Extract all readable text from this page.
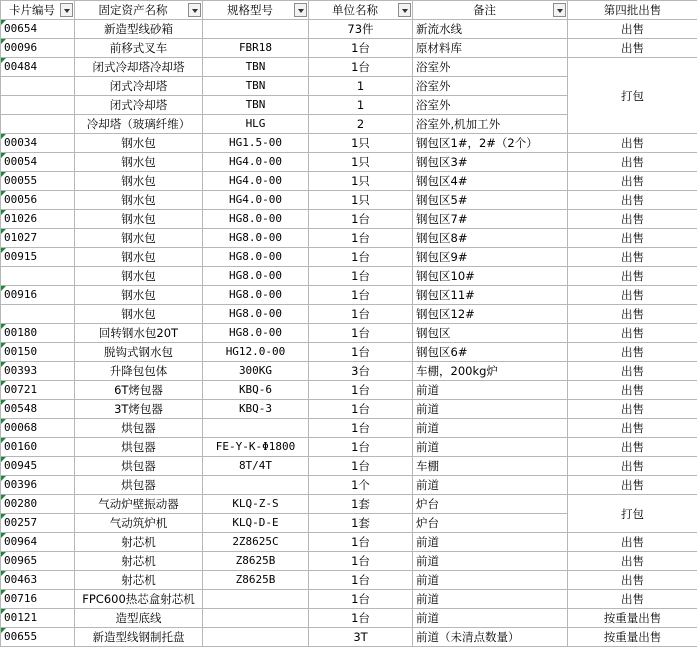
卡片编号	固定资产名称	规格型号	单位名称	备注	第四批出售
00654	新造型线砂箱		73件	新流水线	出售
00096	前移式叉车	FBR18	1台	原材料库	出售
00484	闭式冷却塔冷却塔	TBN	1台	浴室外	打包
	闭式冷却塔	TBN	1	浴室外	
	闭式冷却塔	TBN	1	浴室外	
	冷却塔（玻璃纤维）	HLG	2	浴室外,机加工外	
00034	钢水包	HG1.5-00	1只	钢包区1#，2#（2个）	出售
00054	钢水包	HG4.0-00	1只	钢包区3#	出售
00055	钢水包	HG4.0-00	1只	钢包区4#	出售
00056	钢水包	HG4.0-00	1只	钢包区5#	出售
01026	钢水包	HG8.0-00	1台	钢包区7#	出售
01027	钢水包	HG8.0-00	1台	钢包区8#	出售
00915	钢水包	HG8.0-00	1台	钢包区9#	出售
	钢水包	HG8.0-00	1台	钢包区10#	出售
00916	钢水包	HG8.0-00	1台	钢包区11#	出售
	钢水包	HG8.0-00	1台	钢包区12#	出售
00180	回转钢水包20T	HG8.0-00	1台	钢包区	出售
00150	脱钩式钢水包	HG12.0-00	1台	钢包区6#	出售
00393	升降包包体	300KG	3台	车棚，200kg炉	出售
00721	6T烤包器	KBQ-6	1台	前道	出售
00548	3T烤包器	KBQ-3	1台	前道	出售
00068	烘包器		1台	前道	出售
00160	烘包器	FE-Y-K-Φ1800	1台	前道	出售
00945	烘包器	8T/4T	1台	车棚	出售
00396	烘包器		1个	前道	出售
00280	气动炉壁振动器	KLQ-Z-S	1套	炉台	打包
00257	气动筑炉机	KLQ-D-E	1套	炉台	
00964	射芯机	2Z8625C	1台	前道	出售
00965	射芯机	Z8625B	1台	前道	出售
00463	射芯机	Z8625B	1台	前道	出售
00716	FPC600热芯盒射芯机		1台	前道	出售
00121	造型底线		1台	前道	按重量出售
00655	新造型线钢制托盘		3T	前道（未清点数量）	按重量出售
